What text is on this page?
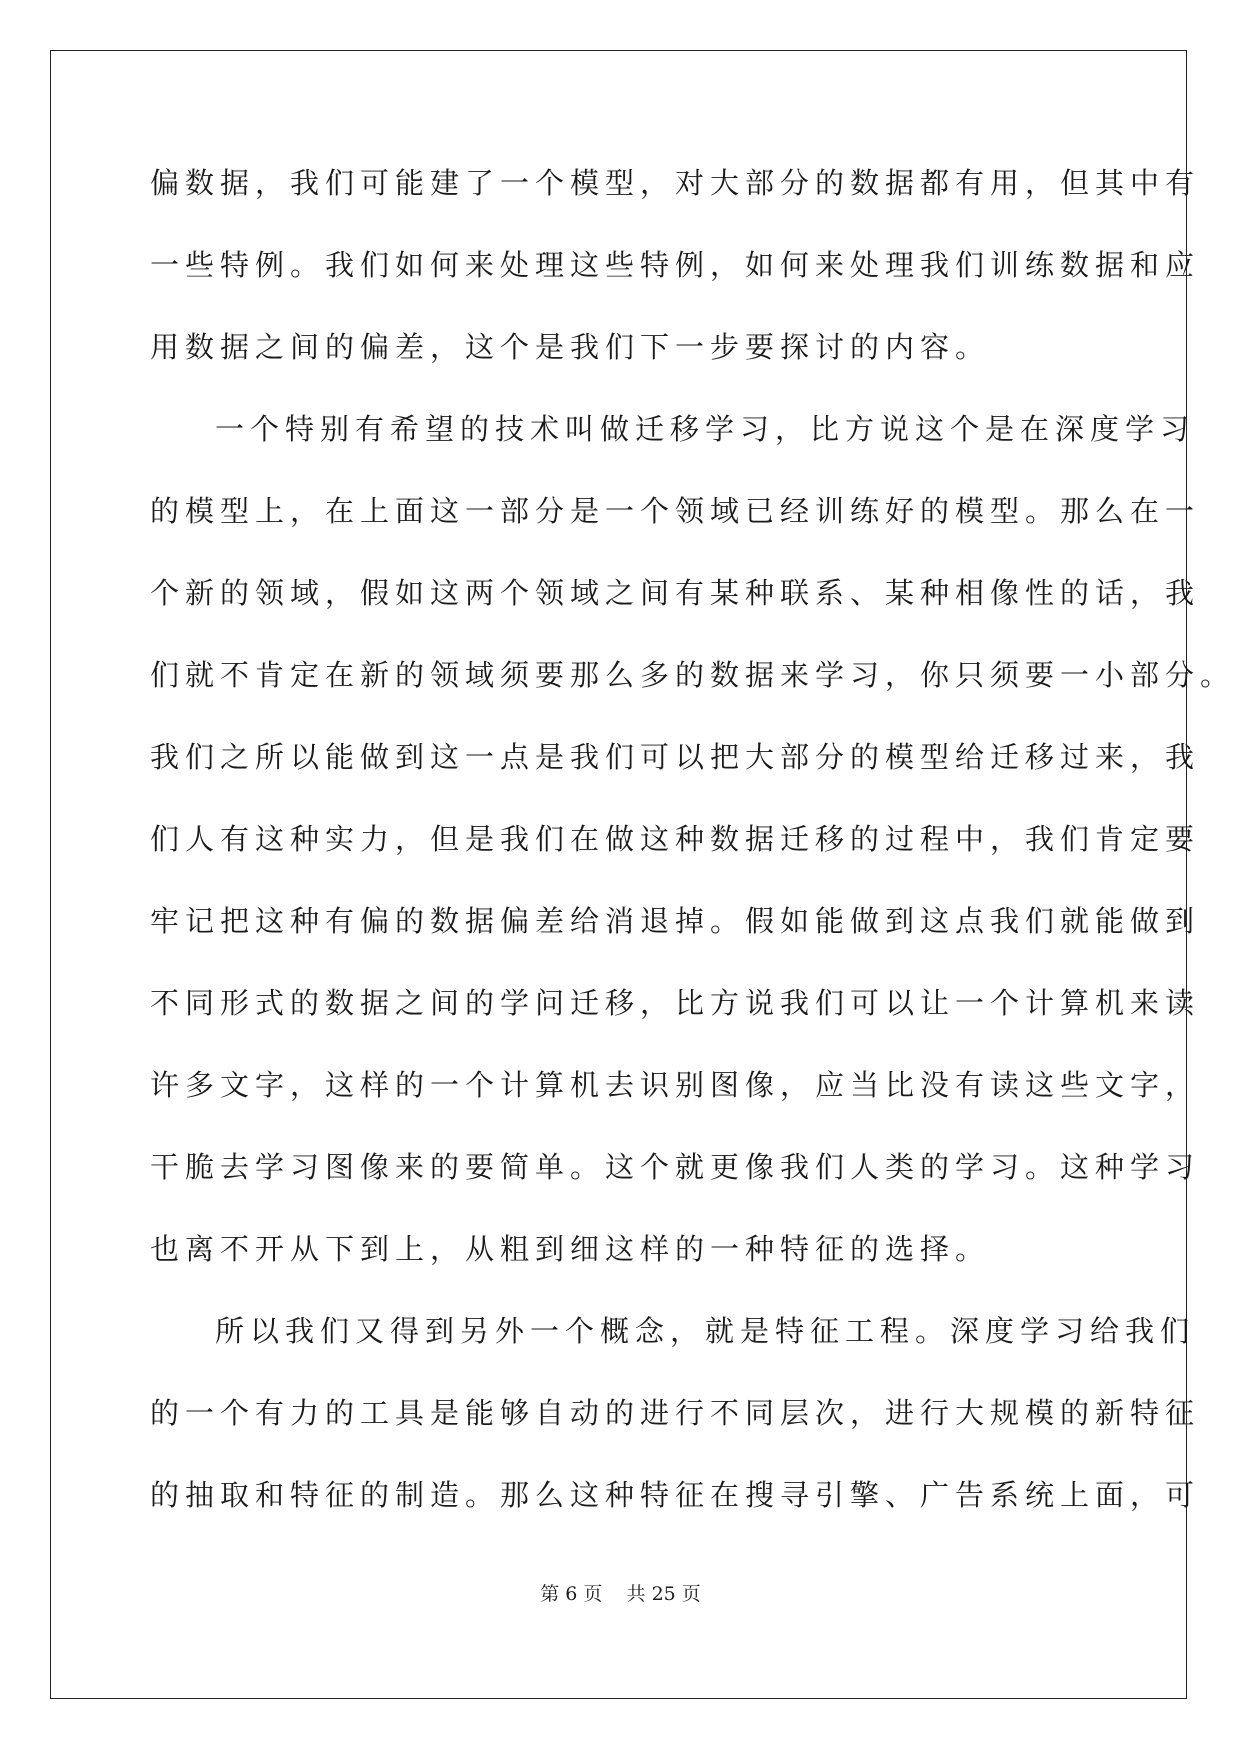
偏数据，我们可能建了一个模型，对大部分的数据都有用，但其中有
一些特例。我们如何来处理这些特例，如何来处理我们训练数据和应
用数据之间的偏差，这个是我们下一步要探讨的内容。
一个特别有希望的技术叫做迁移学习，比方说这个是在深度学习
的模型上，在上面这一部分是一个领域已经训练好的模型。那么在一
个新的领域，假如这两个领域之间有某种联系、某种相像性的话，我
们就不肯定在新的领域须要那么多的数据来学习，你只须要一小部分。
我们之所以能做到这一点是我们可以把大部分的模型给迁移过来，我
们人有这种实力，但是我们在做这种数据迁移的过程中，我们肯定要
牢记把这种有偏的数据偏差给消退掉。假如能做到这点我们就能做到
不同形式的数据之间的学问迁移，比方说我们可以让一个计算机来读
许多文字，这样的一个计算机去识别图像，应当比没有读这些文字，
干脆去学习图像来的要简单。这个就更像我们人类的学习。这种学习
也离不开从下到上，从粗到细这样的一种特征的选择。
所以我们又得到另外一个概念，就是特征工程。深度学习给我们
的一个有力的工具是能够自动的进行不同层次，进行大规模的新特征
的抽取和特征的制造。那么这种特征在搜寻引擎、广告系统上面，可
第 6 页 共 25 页
